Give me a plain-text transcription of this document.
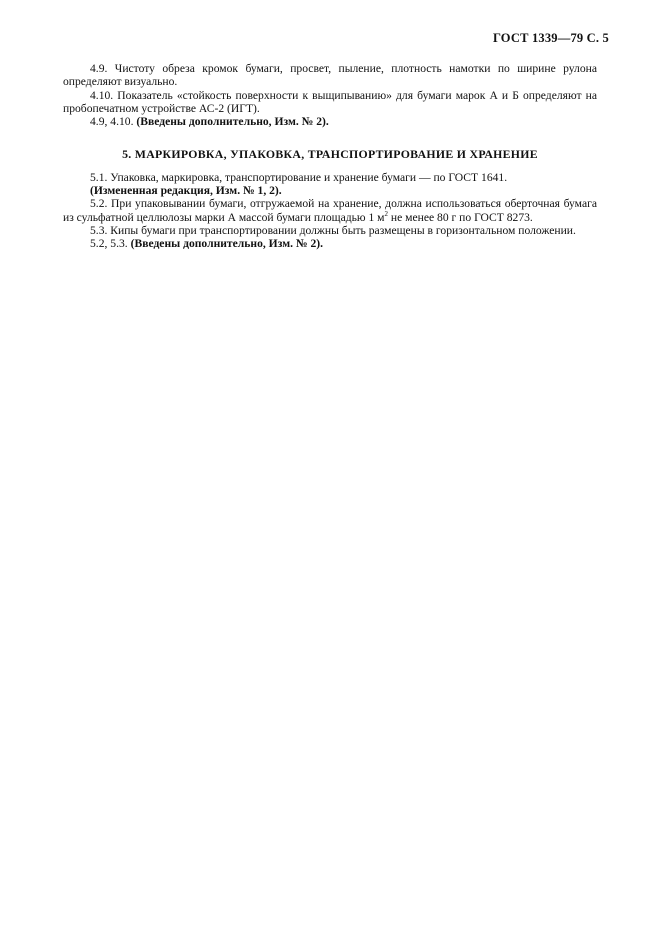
ГОСТ 1339—79 С. 5

4.9. Чистоту обреза кромок бумаги, просвет, пыление, плотность намотки по ширине рулона определяют визуально.

4.10. Показатель «стойкость поверхности к выщипыванию» для бумаги марок А и Б определяют на пробопечатном устройстве АС-2 (ИГТ).

4.9, 4.10. (Введены дополнительно, Изм. № 2).

5. МАРКИРОВКА, УПАКОВКА, ТРАНСПОРТИРОВАНИЕ И ХРАНЕНИЕ

5.1. Упаковка, маркировка, транспортирование и хранение бумаги — по ГОСТ 1641.

(Измененная редакция, Изм. № 1, 2).

5.2. При упаковывании бумаги, отгружаемой на хранение, должна использоваться оберточная бумага из сульфатной целлюлозы марки А массой бумаги площадью 1 $м^2$ не менее 80 г по ГОСТ 8273.

5.3. Кипы бумаги при транспортировании должны быть размещены в горизонтальном положении.

5.2, 5.3. (Введены дополнительно, Изм. № 2).
